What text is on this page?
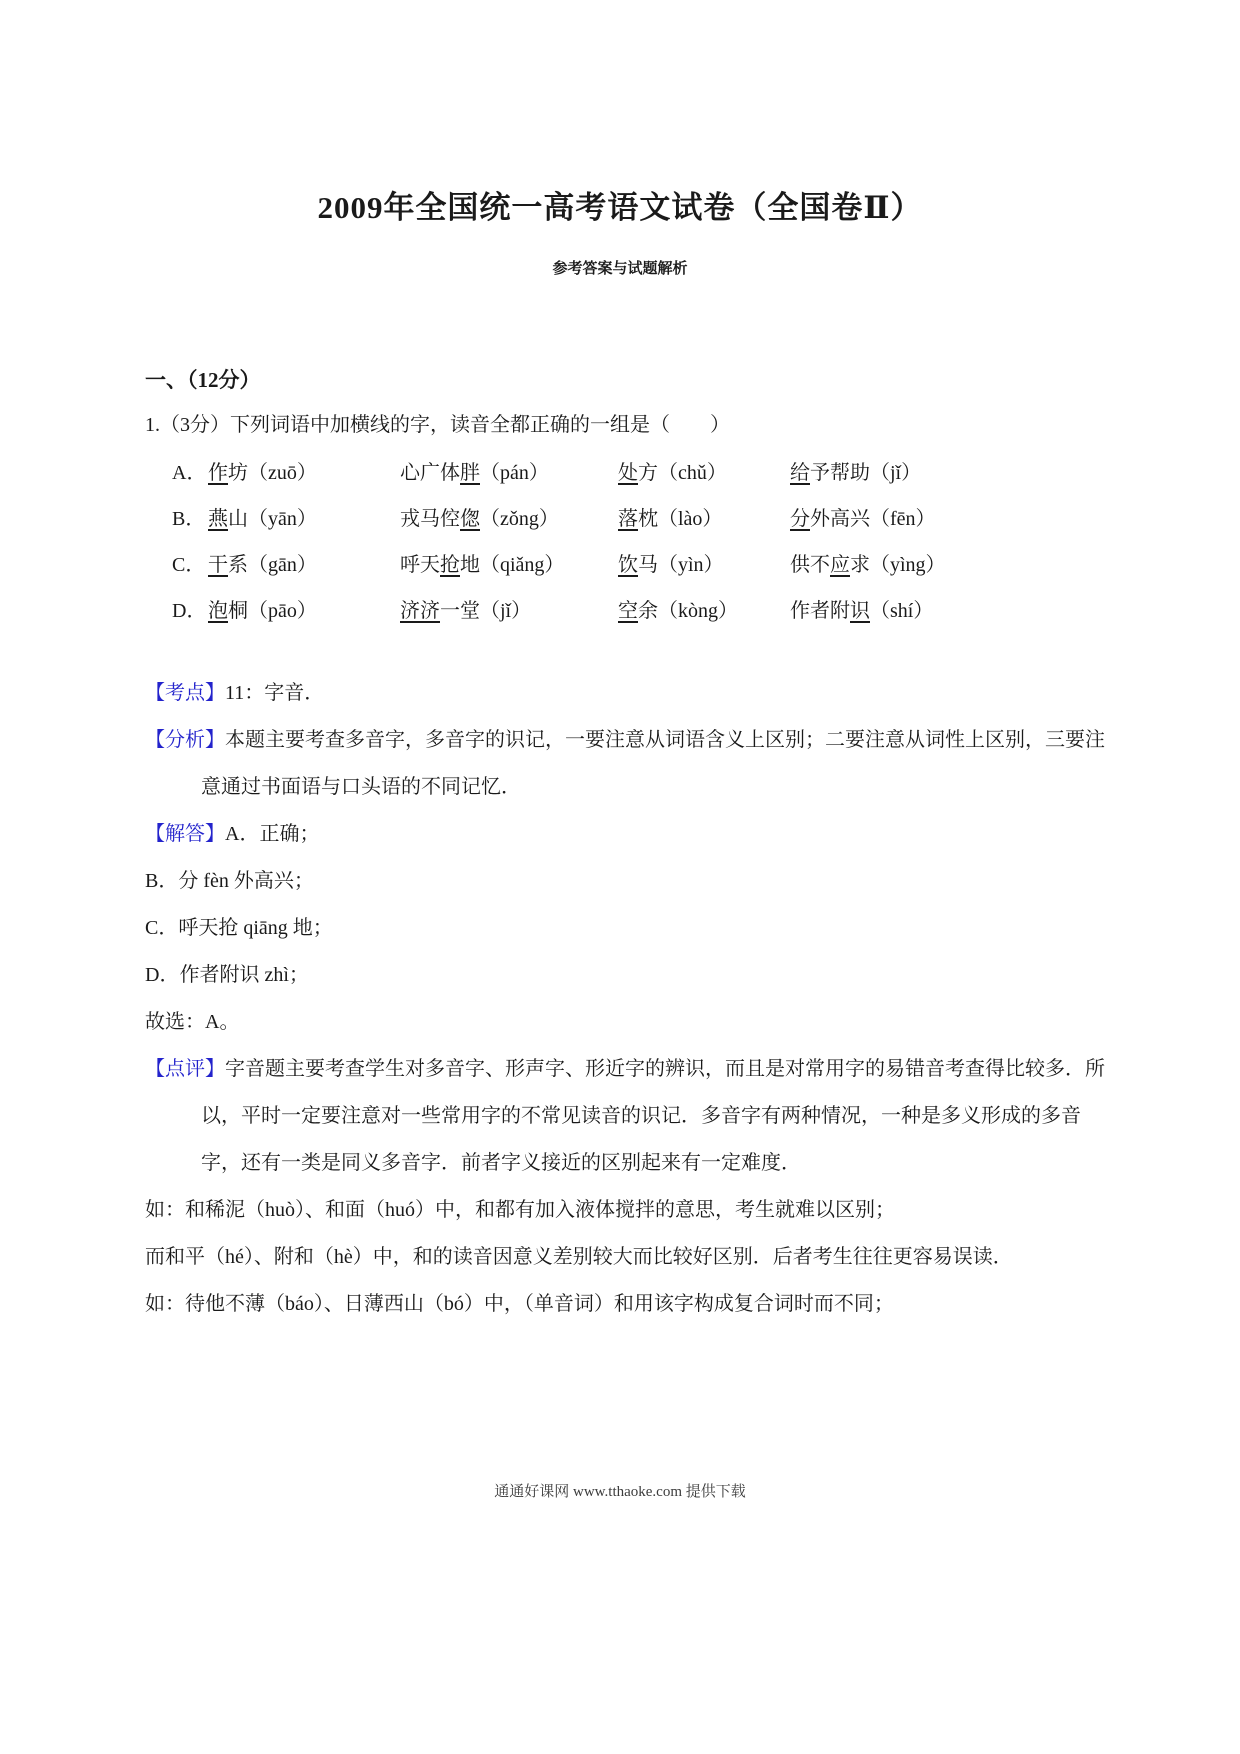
2009年全国统一高考语文试卷（全国卷Ⅱ）
参考答案与试题解析
一、（12分）
1.（3分）下列词语中加横线的字，读音全都正确的一组是（　　）
A． 作坊（zuō）	心广体胖（pán）	处方（chǔ）	给予帮助（jǐ）
B． 燕山（yān）	戎马倥偬（zǒng）	落枕（lào）	分外高兴（fēn）
C． 干系（gān）	呼天抢地（qiǎng）	饮马（yìn）	供不应求（yìng）
D． 泡桐（pāo）	济济一堂（jǐ）	空余（kòng）	作者附识（shí）

【考点】11：字音．

【分析】本题主要考查多音字，多音字的识记，一要注意从词语含义上区别；二要注意从词性上区别，三要注意通过书面语与口头语的不同记忆．

【解答】A．正确；

B．分 fèn 外高兴；

C．呼天抢 qiāng 地；

D．作者附识 zhì；

故选：A。

【点评】字音题主要考查学生对多音字、形声字、形近字的辨识，而且是对常用字的易错音考查得比较多．所以，平时一定要注意对一些常用字的不常见读音的识记．多音字有两种情况，一种是多义形成的多音字，还有一类是同义多音字．前者字义接近的区别起来有一定难度．

如：和稀泥（huò）、和面（huó）中，和都有加入液体搅拌的意思，考生就难以区别；

而和平（hé）、附和（hè）中，和的读音因意义差别较大而比较好区别．后者考生往往更容易误读．

如：待他不薄（báo）、日薄西山（bó）中，（单音词）和用该字构成复合词时而不同；

通通好课网 www.tthaoke.com 提供下载
